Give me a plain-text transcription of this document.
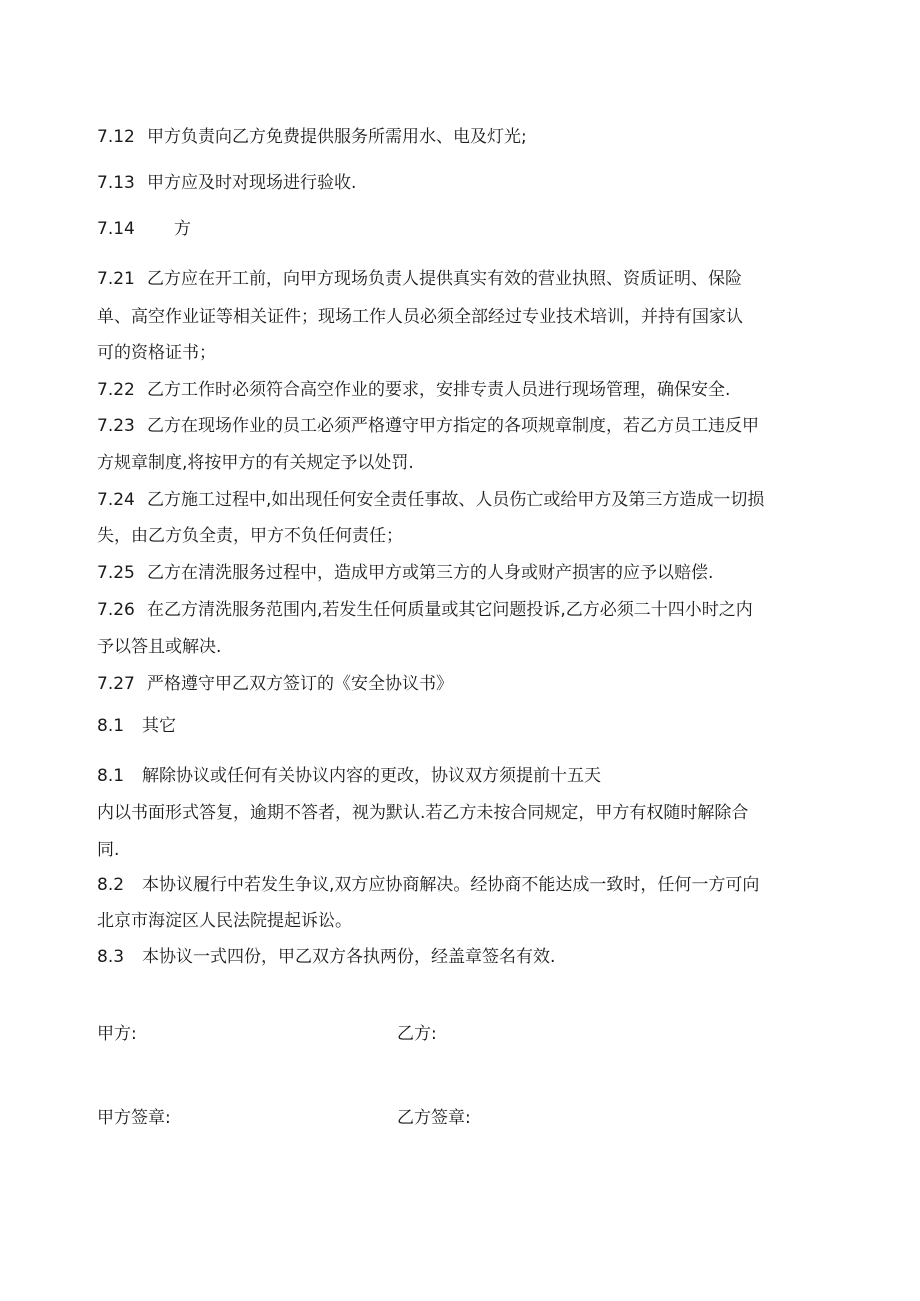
7.12 甲方负责向乙方免费提供服务所需用水、电及灯光;
7.13 甲方应及时对现场进行验收.
7.14 方
7.21 乙方应在开工前，向甲方现场负责人提供真实有效的营业执照、资质证明、保险
单、高空作业证等相关证件；现场工作人员必须全部经过专业技术培训，并持有国家认
可的资格证书；
7.22 乙方工作时必须符合高空作业的要求，安排专责人员进行现场管理，确保安全.
7.23 乙方在现场作业的员工必须严格遵守甲方指定的各项规章制度，若乙方员工违反甲
方规章制度,将按甲方的有关规定予以处罚.
7.24 乙方施工过程中,如出现任何安全责任事故、人员伤亡或给甲方及第三方造成一切损
失，由乙方负全责，甲方不负任何责任；
7.25 乙方在清洗服务过程中，造成甲方或第三方的人身或财产损害的应予以赔偿.
7.26 在乙方清洗服务范围内,若发生任何质量或其它问题投诉,乙方必须二十四小时之内
予以答且或解决.
7.27 严格遵守甲乙双方签订的《安全协议书》
8.1 其它
8.1 解除协议或任何有关协议内容的更改，协议双方须提前十五天
内以书面形式答复，逾期不答者，视为默认.若乙方未按合同规定，甲方有权随时解除合
同.
8.2 本协议履行中若发生争议,双方应协商解决。经协商不能达成一致时，任何一方可向
北京市海淀区人民法院提起诉讼。
8.3 本协议一式四份，甲乙双方各执两份，经盖章签名有效.
甲方:	乙方:
甲方签章:	乙方签章:
